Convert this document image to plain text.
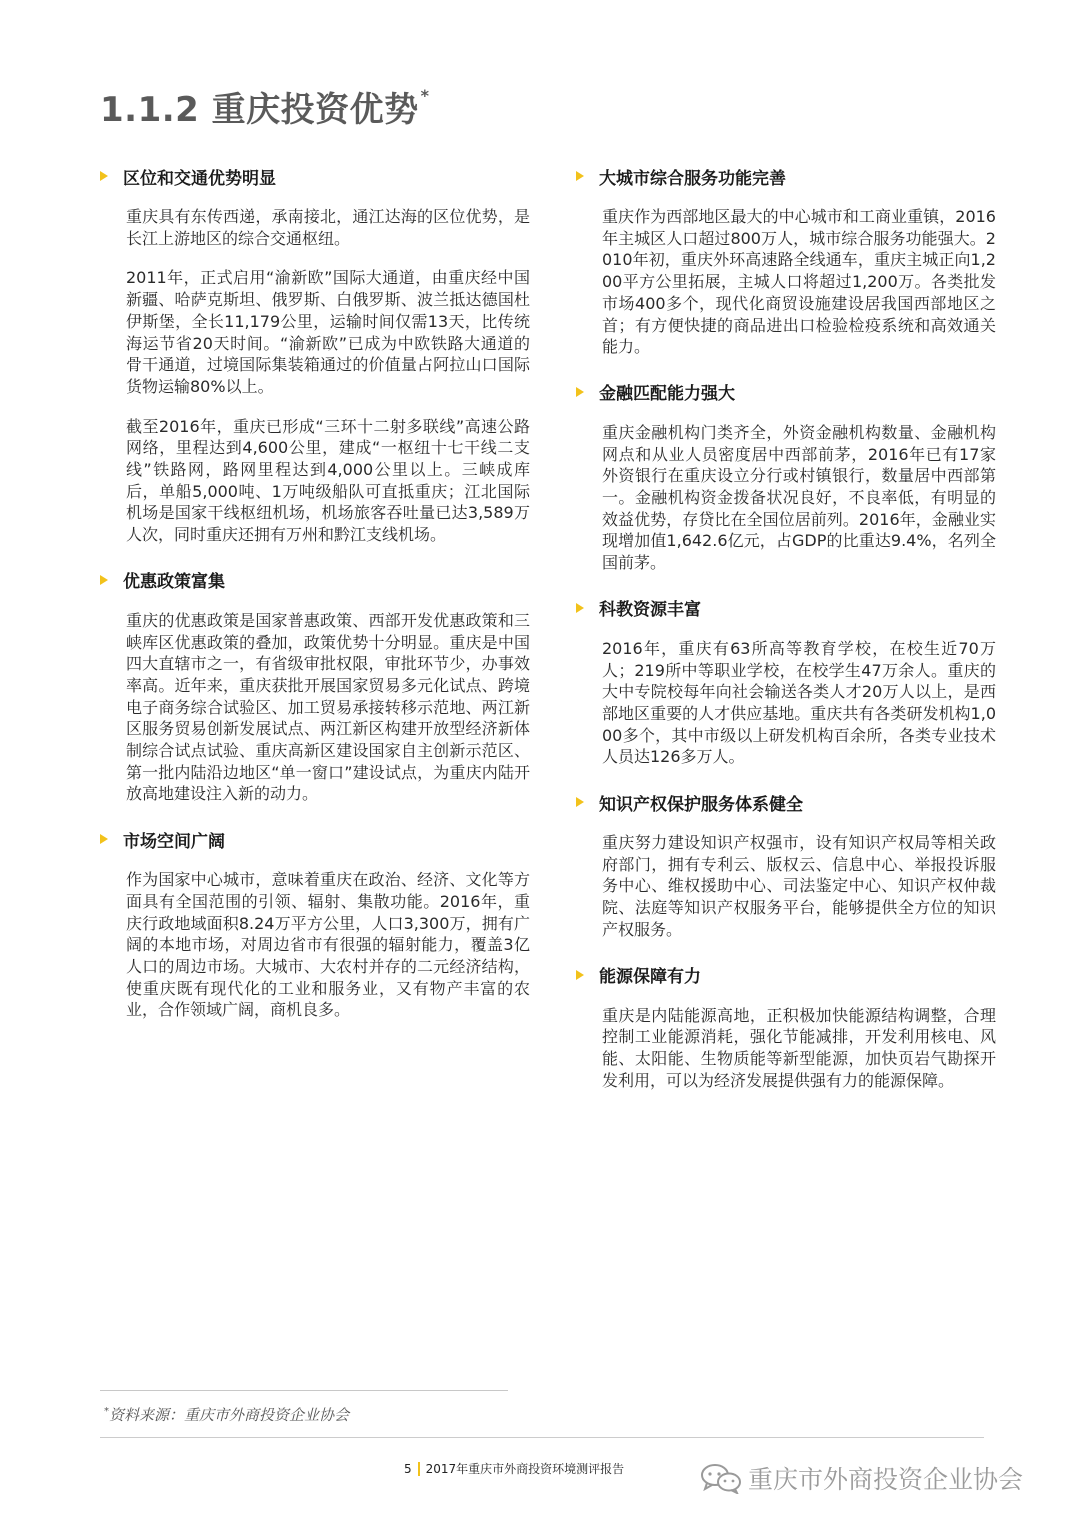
1.1.2 重庆投资优势 *
区位和交通优势明显

重庆具有东传西递，承南接北，通江达海的区位优势，是长江上游地区的综合交通枢纽。

2011年，正式启用“渝新欧”国际大通道，由重庆经中国新疆、哈萨克斯坦、俄罗斯、白俄罗斯、波兰抵达德国杜伊斯堡，全长11,179公里，运输时间仅需13天，比传统海运节省20天时间。“渝新欧”已成为中欧铁路大通道的骨干通道，过境国际集装箱通过的价值量占阿拉山口国际货物运输80%以上。

截至2016年，重庆已形成“三环十二射多联线”高速公路网络，里程达到4,600公里，建成“一枢纽十七干线二支线”铁路网，路网里程达到4,000公里以上。三峡成库后，单船5,000吨、1万吨级船队可直抵重庆；江北国际机场是国家干线枢纽机场，机场旅客吞吐量已达3,589万人次，同时重庆还拥有万州和黔江支线机场。

优惠政策富集

重庆的优惠政策是国家普惠政策、西部开发优惠政策和三峡库区优惠政策的叠加，政策优势十分明显。重庆是中国四大直辖市之一，有省级审批权限，审批环节少，办事效率高。近年来，重庆获批开展国家贸易多元化试点、跨境电子商务综合试验区、加工贸易承接转移示范地、两江新区服务贸易创新发展试点、两江新区构建开放型经济新体制综合试点试验、重庆高新区建设国家自主创新示范区、第一批内陆沿边地区“单一窗口”建设试点，为重庆内陆开放高地建设注入新的动力。

市场空间广阔

作为国家中心城市，意味着重庆在政治、经济、文化等方面具有全国范围的引领、辐射、集散功能。2016年，重庆行政地域面积8.24万平方公里，人口3,300万，拥有广阔的本地市场，对周边省市有很强的辐射能力，覆盖3亿人口的周边市场。大城市、大农村并存的二元经济结构，使重庆既有现代化的工业和服务业，又有物产丰富的农业，合作领域广阔，商机良多。

大城市综合服务功能完善

重庆作为西部地区最大的中心城市和工商业重镇，2016年主城区人口超过800万人，城市综合服务功能强大。2010年初，重庆外环高速路全线通车，重庆主城正向1,200平方公里拓展，主城人口将超过1,200万。各类批发市场400多个，现代化商贸设施建设居我国西部地区之首；有方便快捷的商品进出口检验检疫系统和高效通关能力。

金融匹配能力强大

重庆金融机构门类齐全，外资金融机构数量、金融机构网点和从业人员密度居中西部前茅，2016年已有17家外资银行在重庆设立分行或村镇银行，数量居中西部第一。金融机构资金拨备状况良好，不良率低，有明显的效益优势，存贷比在全国位居前列。2016年，金融业实现增加值1,642.6亿元，占GDP的比重达9.4%，名列全国前茅。

科教资源丰富

2016年，重庆有63所高等教育学校，在校生近70万人；219所中等职业学校，在校学生47万余人。重庆的大中专院校每年向社会输送各类人才20万人以上，是西部地区重要的人才供应基地。重庆共有各类研发机构1,000多个，其中市级以上研发机构百余所，各类专业技术人员达126多万人。

知识产权保护服务体系健全

重庆努力建设知识产权强市，设有知识产权局等相关政府部门，拥有专利云、版权云、信息中心、举报投诉服务中心、维权援助中心、司法鉴定中心、知识产权仲裁院、法庭等知识产权服务平台，能够提供全方位的知识产权服务。

能源保障有力

重庆是内陆能源高地，正积极加快能源结构调整，合理控制工业能源消耗，强化节能减排，开发利用核电、风能、太阳能、生物质能等新型能源，加快页岩气勘探开发利用，可以为经济发展提供强有力的能源保障。

*资料来源：重庆市外商投资企业协会
5 2017年重庆市外商投资环境测评报告	重庆市外商投资企业协会
